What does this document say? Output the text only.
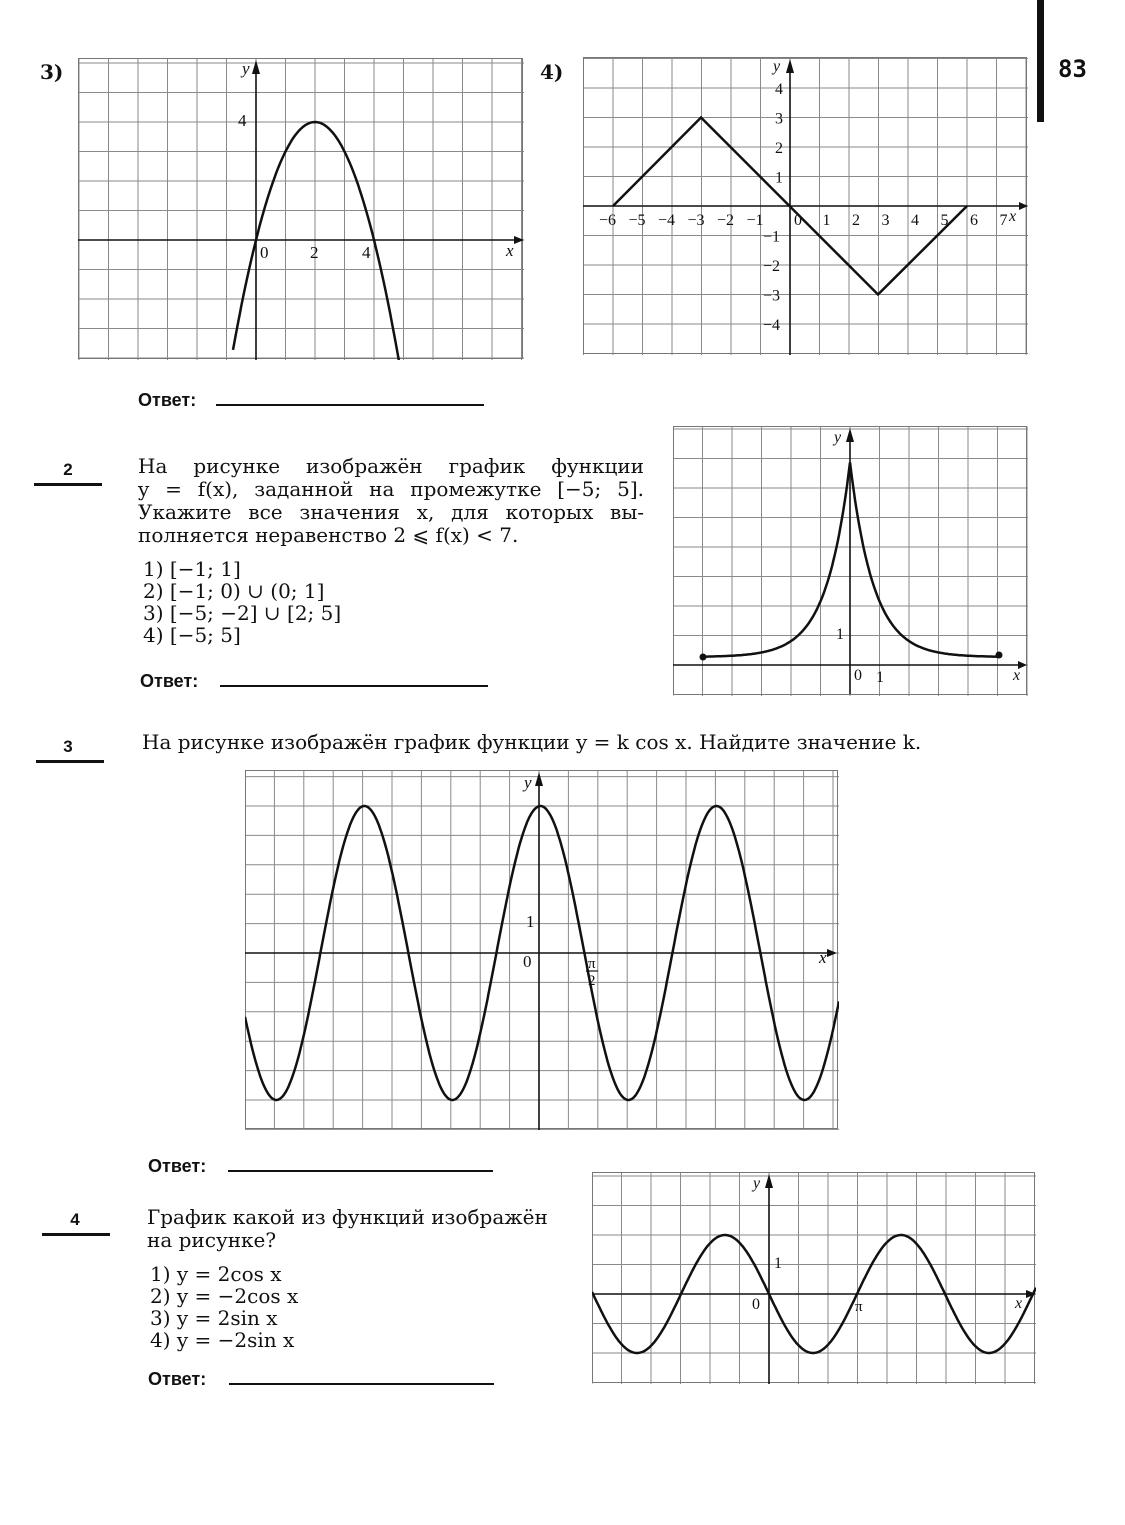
83
3)	y
x
0 2	4
4
4)	y
x
−6 −5 −4 −3 −2 −1 0 1 2 3 4 5 6 7
4
3
2
1
−1
−2
−3
−4
Ответ:
2	На рисунке изображён график функции
y = f(x), заданной на промежутке [−5; 5].
Укажите все значения x, для которых вы-
полняется неравенство 2 ⩽ f(x) < 7.
1) [−1; 1]
2) [−1; 0) ∪ (0; 1]
3) [−5; −2] ∪ [2; 5]
4) [−5; 5]
Ответ:
y
x
0 1
1
3	На рисунке изображён график функции y = k cos x. Найдите значение k.
y
x
0
1
π
2
Ответ:
4	График какой из функций изображён
на рисунке?
1) y = 2cos x
2) y = −2cos x
3) y = 2sin x
4) y = −2sin x
Ответ:
y
x
0
1
π
